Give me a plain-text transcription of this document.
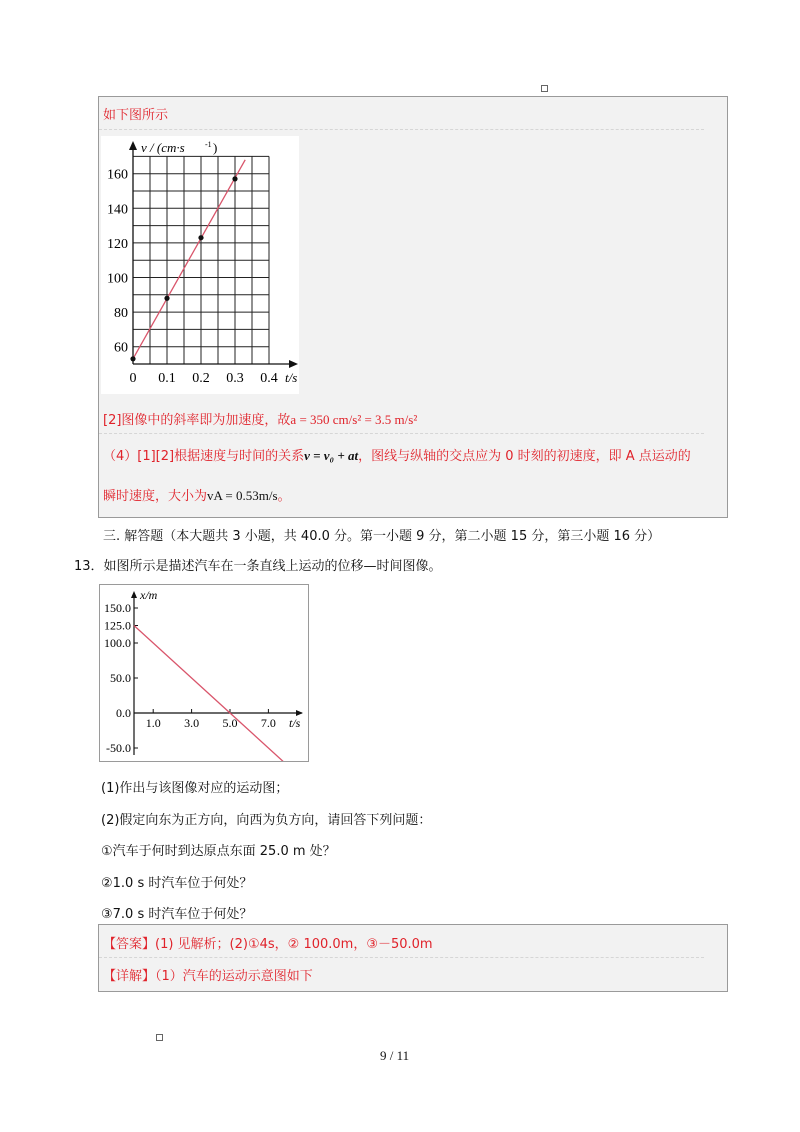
如下图所示
v / (cm·s	-1 )
160
140
120
100
80
60
0 0.1 0.2 0.3 0.4 t/s
[2]图像中的斜率即为加速度，故a = 350 cm/s² = 3.5 m/s²
（4）[1][2]根据速度与时间的关系v = v₀ + at，图线与纵轴的交点应为 0 时刻的初速度，即 A 点运动的
瞬时速度，大小为vA = 0.53m/s。
三. 解答题（本大题共 3 小题，共 40.0 分。第一小题 9 分，第二小题 15 分，第三小题 16 分）
13．如图所示是描述汽车在一条直线上运动的位移—时间图像。
x/m
150.0
125.0
100.0
50.0
0.0
-50.0
1.0 3.0 5.0 7.0 t/s
(1)作出与该图像对应的运动图；
(2)假定向东为正方向，向西为负方向，请回答下列问题：
①汽车于何时到达原点东面 25.0 m 处？
②1.0 s 时汽车位于何处？
③7.0 s 时汽车位于何处？
【答案】(1) 见解析；(2)①4s，② 100.0m，③－50.0m
【详解】（1）汽车的运动示意图如下
9 / 11
